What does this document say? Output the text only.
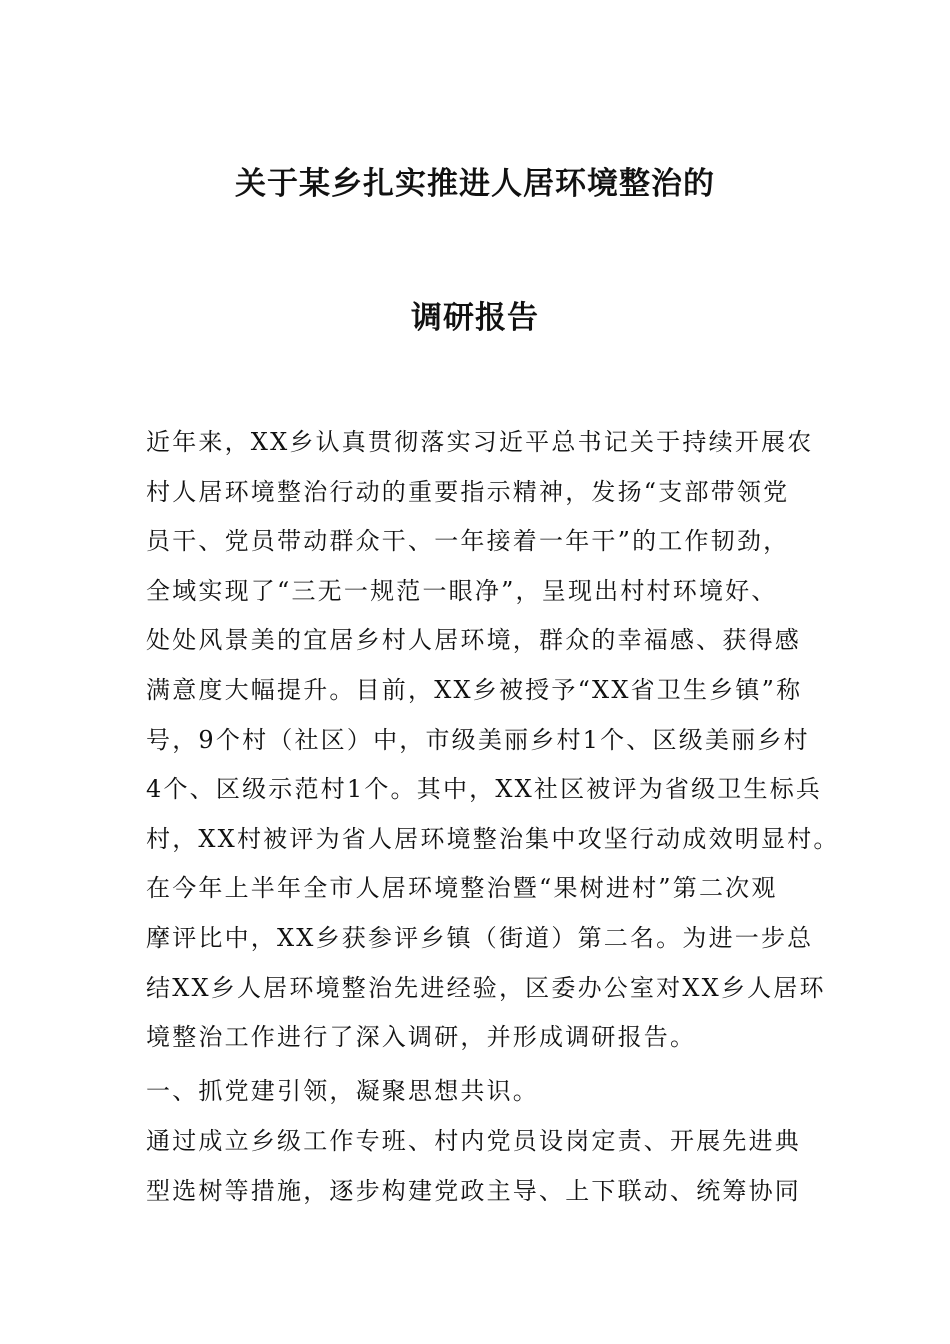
关于某乡扎实推进人居环境整治的
调研报告
近年来，XX乡认真贯彻落实习近平总书记关于持续开展农
村人居环境整治行动的重要指示精神，发扬“支部带领党
员干、党员带动群众干、一年接着一年干”的工作韧劲，
全域实现了“三无一规范一眼净”，呈现出村村环境好、
处处风景美的宜居乡村人居环境，群众的幸福感、获得感
满意度大幅提升。目前，XX乡被授予“XX省卫生乡镇”称
号，9个村（社区）中，市级美丽乡村1个、区级美丽乡村
4个、区级示范村1个。其中，XX社区被评为省级卫生标兵
村，XX村被评为省人居环境整治集中攻坚行动成效明显村。
在今年上半年全市人居环境整治暨“果树进村”第二次观
摩评比中，XX乡获参评乡镇（街道）第二名。为进一步总
结XX乡人居环境整治先进经验，区委办公室对XX乡人居环
境整治工作进行了深入调研，并形成调研报告。
一、抓党建引领，凝聚思想共识。
通过成立乡级工作专班、村内党员设岗定责、开展先进典
型选树等措施，逐步构建党政主导、上下联动、统筹协同
